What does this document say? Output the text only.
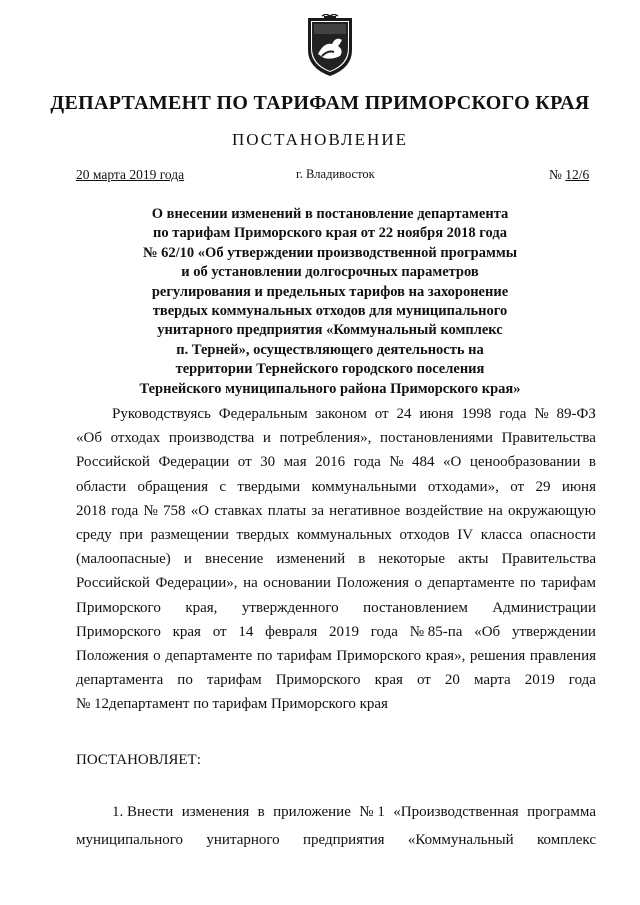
ДЕПАРТАМЕНТ ПО ТАРИФАМ ПРИМОРСКОГО КРАЯ
ПОСТАНОВЛЕНИЕ
20 марта 2019 года	г. Владивосток	№ 12/6
О внесении изменений в постановление департамента
по тарифам Приморского края от 22 ноября 2018 года
№ 62/10 «Об утверждении производственной программы
и об установлении долгосрочных параметров
регулирования и предельных тарифов на захоронение
твердых коммунальных отходов для муниципального
унитарного предприятия «Коммунальный комплекс
п. Терней», осуществляющего деятельность на
территории Тернейского городского поселения
Тернейского муниципального района Приморского края»
Руководствуясь Федеральным законом от 24 июня 1998 года № 89-ФЗ
«Об отходах производства и потребления», постановлениями Правительства
Российской Федерации от 30 мая 2016 года № 484 «О ценообразовании в
области обращения с твердыми коммунальными отходами», от 29 июня
2018 года № 758 «О ставках платы за негативное воздействие на окружающую
среду при размещении твердых коммунальных отходов IV класса опасности
(малоопасные) и внесение изменений в некоторые акты Правительства
Российской Федерации», на основании Положения о департаменте по тарифам
Приморского края, утвержденного постановлением Администрации
Приморского края от 14 февраля 2019 года № 85-па «Об утверждении
Положения о департаменте по тарифам Приморского края», решения правления
департамента по тарифам Приморского края от 20 марта 2019 года
№ 12департамент по тарифам Приморского края
ПОСТАНОВЛЯЕТ:
1. Внести изменения в приложение № 1 «Производственная программа
муниципального унитарного предприятия «Коммунальный комплекс
